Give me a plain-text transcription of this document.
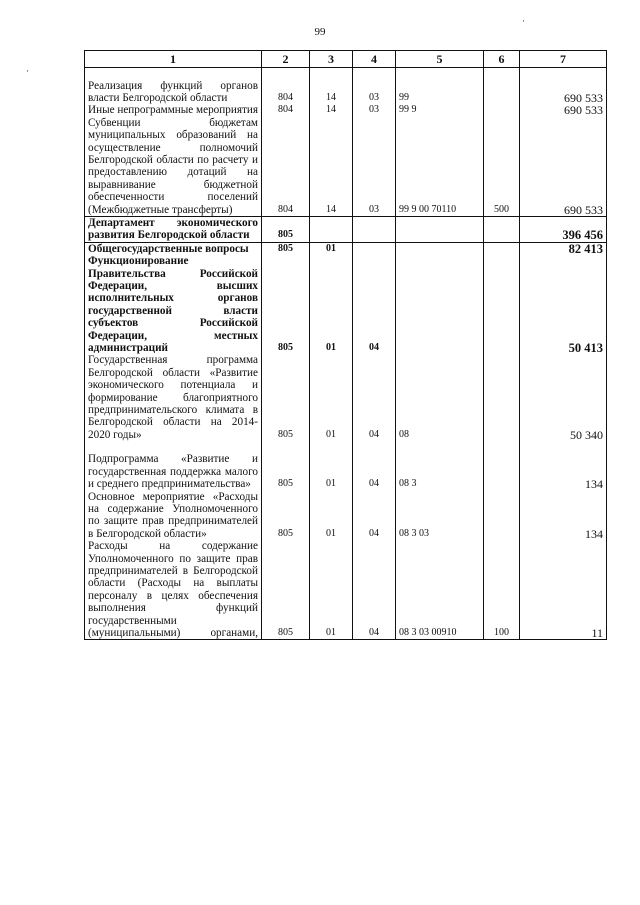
99
·
·
1	2	3	4	5	6	7

Реализация функций органов власти Белгородской области	804	14	03	99		690 533
Иные непрограммные мероприятия	804	14	03	99 9		690 533
Субвенции бюджетам муниципальных образований на осуществление полномочий Белгородской области по расчету и предоставлению дотаций на выравнивание бюджетной обеспеченности поселений (Межбюджетные трансферты)	804	14	03	99 9 00 70110	500	690 533
Департамент экономического развития Белгородской области	805					396 456
Общегосударственные вопросы	805	01				82 413
Функционирование Правительства Российской Федерации, высших исполнительных органов государственной власти субъектов Российской Федерации, местных администраций	805	01	04			50 413
Государственная программа Белгородской области «Развитие экономического потенциала и формирование благоприятного предпринимательского климата в Белгородской области на 2014-2020 годы»	805	01	04	08		50 340

Подпрограмма «Развитие и государственная поддержка малого и среднего предпринимательства»	805	01	04	08 3		134
Основное мероприятие «Расходы на содержание Уполномоченного по защите прав предпринимателей в Белгородской области»	805	01	04	08 3 03		134
Расходы на содержание Уполномоченного по защите прав предпринимателей в Белгородской области (Расходы на выплаты персоналу в целях обеспечения выполнения функций государственными (муниципальными) органами,	805	01	04	08 3 03 00910	100	11
